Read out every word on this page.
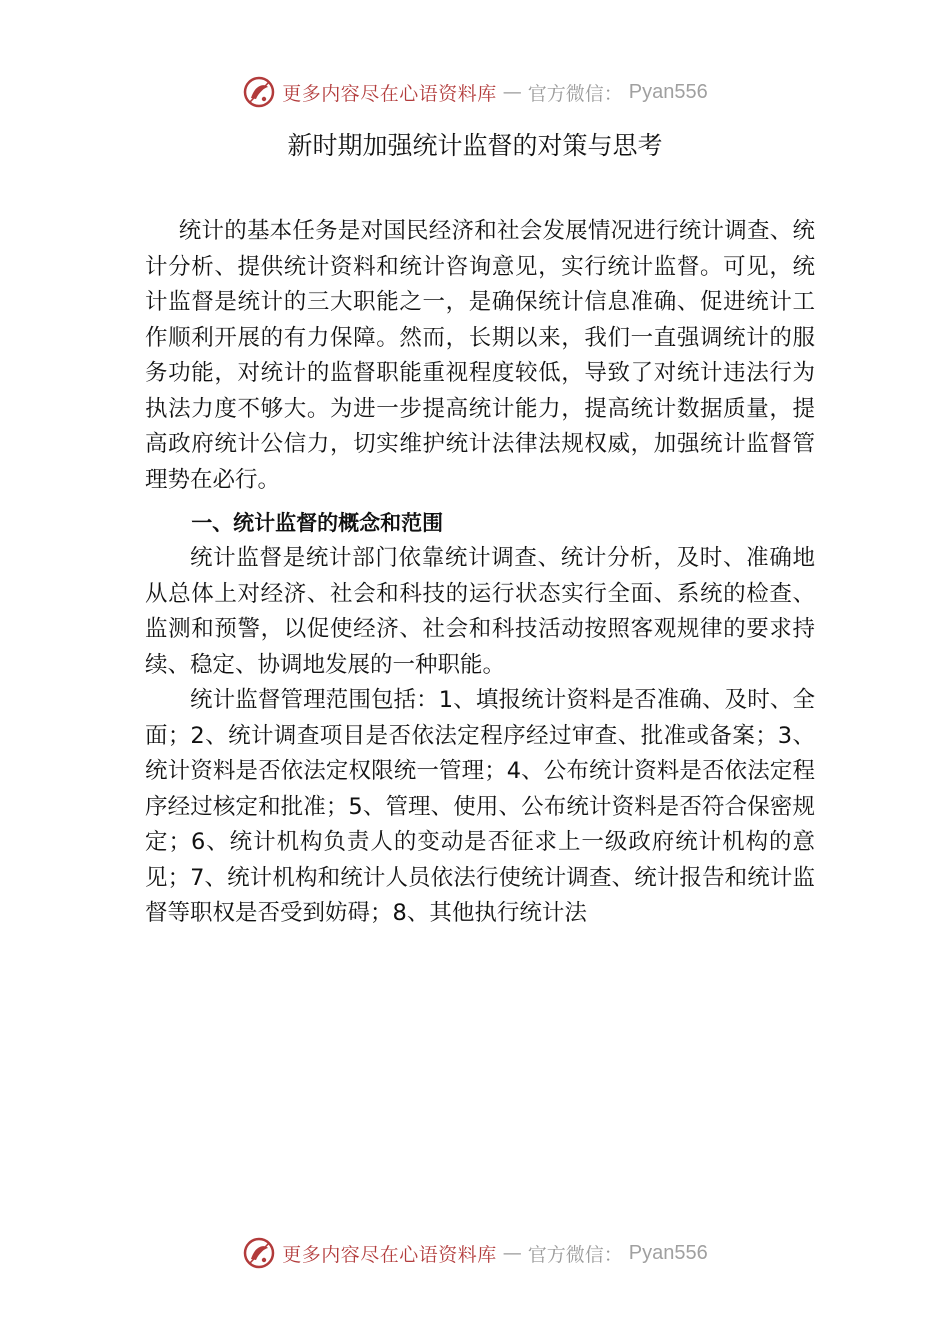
更多内容尽在心语资料库 — 官方微信： Pyan556
新时期加强统计监督的对策与思考

统计的基本任务是对国民经济和社会发展情况进行统计调查、统计分析、提供统计资料和统计咨询意见，实行统计监督。可见，统计监督是统计的三大职能之一，是确保统计信息准确、促进统计工作顺利开展的有力保障。然而，长期以来，我们一直强调统计的服务功能，对统计的监督职能重视程度较低，导致了对统计违法行为执法力度不够大。为进一步提高统计能力，提高统计数据质量，提高政府统计公信力，切实维护统计法律法规权威，加强统计监督管理势在必行。

一、统计监督的概念和范围

统计监督是统计部门依靠统计调查、统计分析，及时、准确地从总体上对经济、社会和科技的运行状态实行全面、系统的检查、监测和预警，以促使经济、社会和科技活动按照客观规律的要求持续、稳定、协调地发展的一种职能。

统计监督管理范围包括：1、填报统计资料是否准确、及时、全面；2、统计调查项目是否依法定程序经过审查、批准或备案；3、统计资料是否依法定权限统一管理；4、公布统计资料是否依法定程序经过核定和批准；5、管理、使用、公布统计资料是否符合保密规定；6、统计机构负责人的变动是否征求上一级政府统计机构的意见；7、统计机构和统计人员依法行使统计调查、统计报告和统计监督等职权是否受到妨碍；8、其他执行统计法

更多内容尽在心语资料库 — 官方微信： Pyan556
